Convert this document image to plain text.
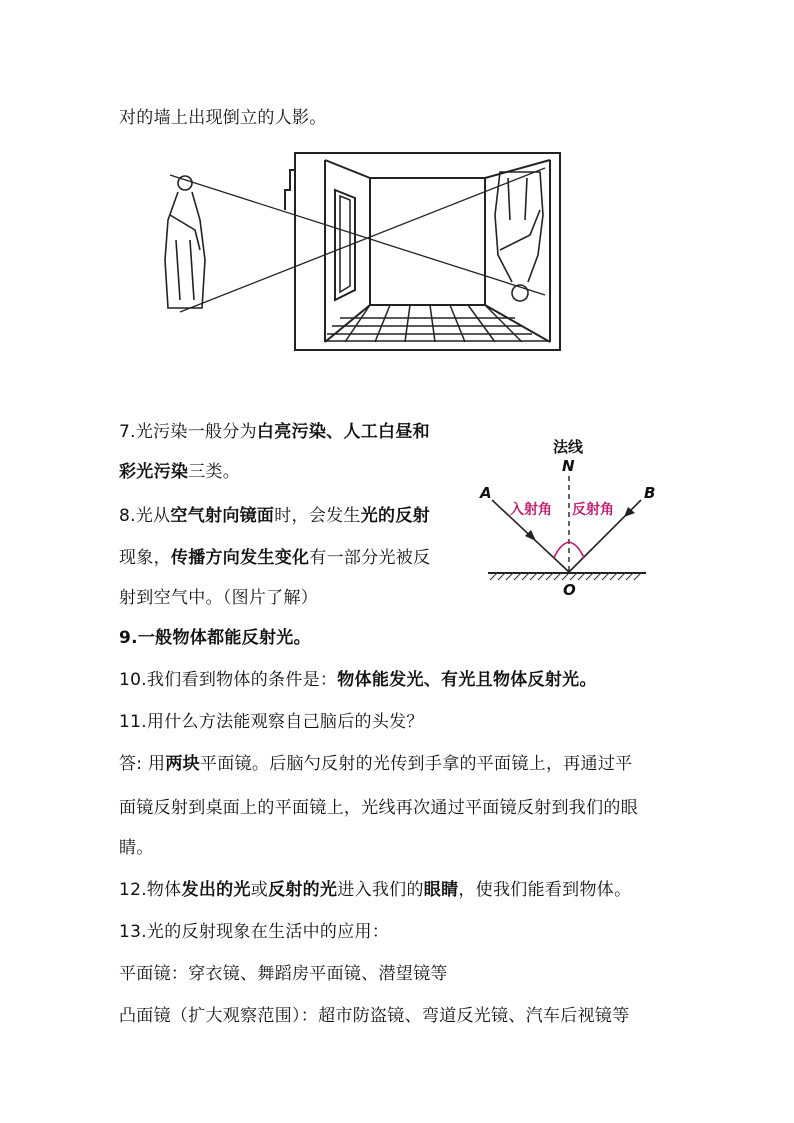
对的墙上出现倒立的人影。
7.光污染一般分为白亮污染、人工白昼和
彩光污染三类。
8.光从空气射向镜面时，会发生光的反射
现象，传播方向发生变化有一部分光被反
射到空气中。（图片了解）
法线
N
A	B
O
入射角 反射角
9.一般物体都能反射光。
10.我们看到物体的条件是：物体能发光、有光且物体反射光。
11.用什么方法能观察自己脑后的头发？
答: 用两块平面镜。后脑勺反射的光传到手拿的平面镜上，再通过平
面镜反射到桌面上的平面镜上，光线再次通过平面镜反射到我们的眼
睛。
12.物体发出的光或反射的光进入我们的眼睛，使我们能看到物体。
13.光的反射现象在生活中的应用：
平面镜：穿衣镜、舞蹈房平面镜、潜望镜等
凸面镜（扩大观察范围）：超市防盗镜、弯道反光镜、汽车后视镜等
